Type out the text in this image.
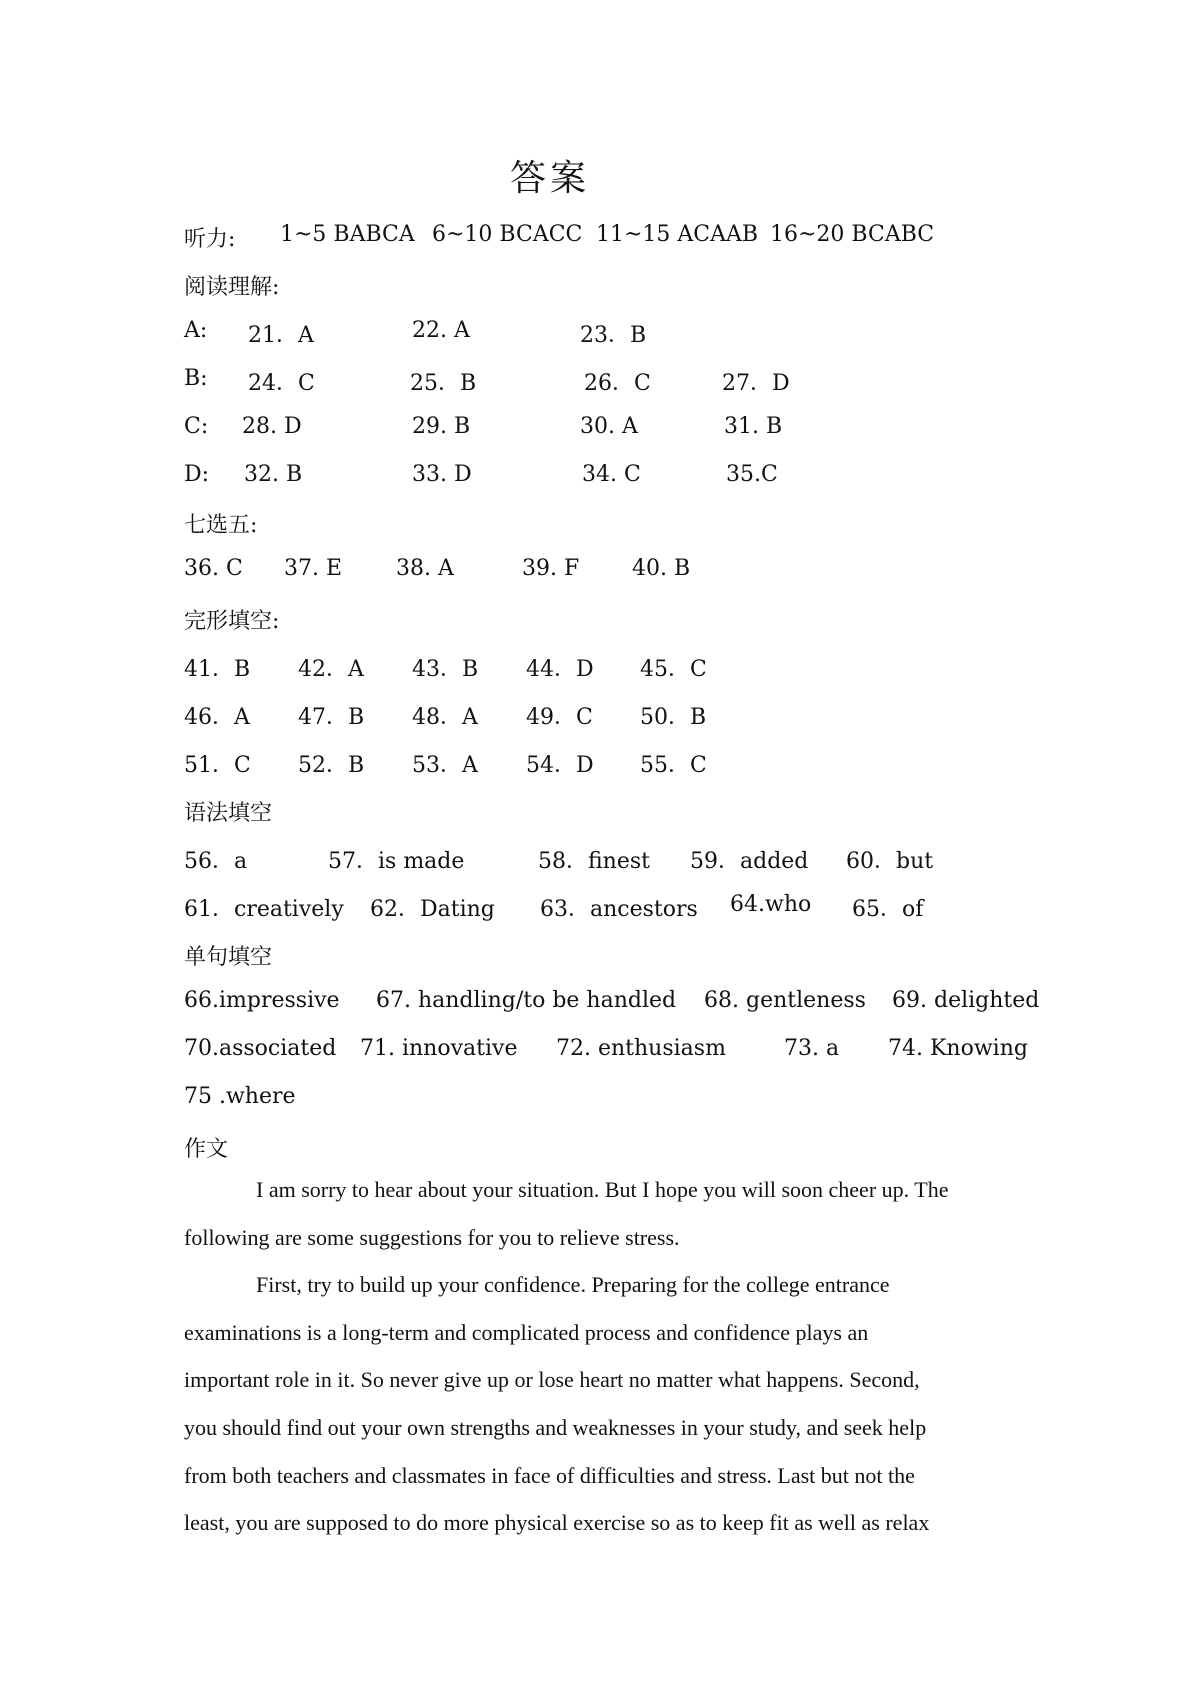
答案
听力: 1~5 BABCA 6~10 BCACC 11~15 ACAAB 16~20 BCABC
阅读理解:
A: 21．A	22. A	23．B
B: 24．C	25．B	26．C	27．D
C: 28. D	29. B	30. A	31. B
D: 32. B	33. D	34. C	35.C
七选五:
36. C 37. E 38. A	39. F 40. B
完形填空:
41．B 42．A 43．B 44．D 45．C
46．A 47．B 48．A 49．C 50．B
51．C 52．B 53．A 54．D 55．C
语法填空
56．a	57．is made	58．finest 59．added 60．but
61．creatively 62．Dating 63．ancestors 64.who 65．of
单句填空
66.impressive 67. handling/to be handled 68. gentleness 69. delighted
70.associated 71. innovative 72. enthusiasm	73. a 74. Knowing
75 .where
作文
I am sorry to hear about your situation. But I hope you will soon cheer up. The
following are some suggestions for you to relieve stress.
First, try to build up your confidence. Preparing for the college entrance
examinations is a long-term and complicated process and confidence plays an
important role in it. So never give up or lose heart no matter what happens. Second,
you should find out your own strengths and weaknesses in your study, and seek help
from both teachers and classmates in face of difficulties and stress. Last but not the
least, you are supposed to do more physical exercise so as to keep fit as well as relax
